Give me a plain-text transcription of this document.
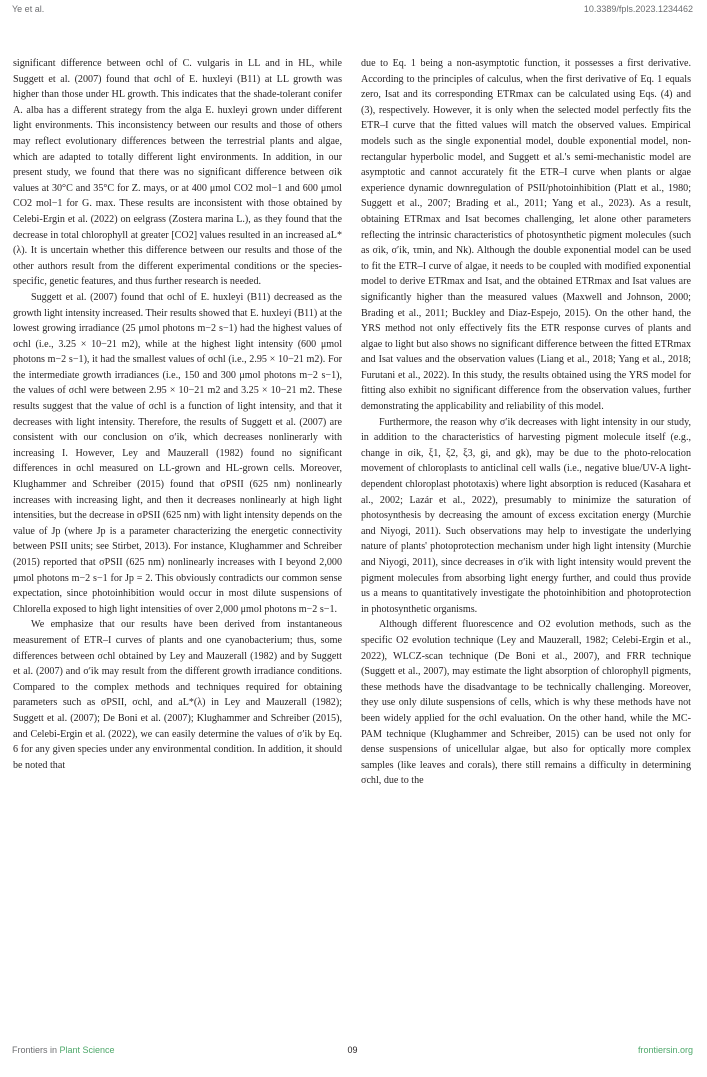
Ye et al.	10.3389/fpls.2023.1234462

significant difference between σchl of C. vulgaris in LL and in HL, while Suggett et al. (2007) found that σchl of E. huxleyi (B11) at LL growth was higher than those under HL growth. This indicates that the shade-tolerant conifer A. alba has a different strategy from the alga E. huxleyi grown under different light environments. This inconsistency between our results and those of others may reflect evolutionary differences between the terrestrial plants and algae, which are adapted to totally different light environments. In addition, in our present study, we found that there was no significant difference between σik values at 30°C and 35°C for Z. mays, or at 400 μmol CO2 mol−1 and 600 μmol CO2 mol−1 for G. max. These results are inconsistent with those obtained by Celebi-Ergin et al. (2022) on eelgrass (Zostera marina L.), as they found that the decrease in total chlorophyll at greater [CO2] values resulted in an increased aL*(λ). It is uncertain whether this difference between our results and those of the other authors result from the different experimental conditions or the species-specific, genetic features, and thus further research is needed.

Suggett et al. (2007) found that σchl of E. huxleyi (B11) decreased as the growth light intensity increased. Their results showed that E. huxleyi (B11) at the lowest growing irradiance (25 μmol photons m−2 s−1) had the highest values of σchl (i.e., 3.25 × 10−21 m2), while at the highest light intensity (600 μmol photons m−2 s−1), it had the smallest values of σchl (i.e., 2.95 × 10−21 m2). For the intermediate growth irradiances (i.e., 150 and 300 μmol photons m−2 s−1), the values of σchl were between 2.95 × 10−21 m2 and 3.25 × 10−21 m2. These results suggest that the value of σchl is a function of light intensity, and that it decreases with light intensity. Therefore, the results of Suggett et al. (2007) are consistent with our conclusion on σ′ik, which decreases nonlinerarly with increasing I. However, Ley and Mauzerall (1982) found no significant differences in σchl measured on LL-grown and HL-grown cells. Moreover, Klughammer and Schreiber (2015) found that σPSII (625 nm) nonlinearly increases with increasing light, and then it decreases nonlinearly at high light intensities, but the decrease in σPSII (625 nm) with light intensity depends on the value of Jp (where Jp is a parameter characterizing the energetic connectivity between PSII units; see Stirbet, 2013). For instance, Klughammer and Schreiber (2015) reported that σPSII (625 nm) nonlinearly increases with I beyond 2,000 μmol photons m−2 s−1 for Jp = 2. This obviously contradicts our common sense expectation, since photoinhibition would occur in most dilute suspensions of Chlorella exposed to high light intensities of over 2,000 μmol photons m−2 s−1.

We emphasize that our results have been derived from instantaneous measurement of ETR–I curves of plants and one cyanobacterium; thus, some differences between σchl obtained by Ley and Mauzerall (1982) and by Suggett et al. (2007) and σ′ik may result from the different growth irradiance conditions. Compared to the complex methods and techniques required for obtaining parameters such as σPSII, σchl, and aL*(λ) in Ley and Mauzerall (1982); Suggett et al. (2007); De Boni et al. (2007); Klughammer and Schreiber (2015), and Celebi-Ergin et al. (2022), we can easily determine the values of σ′ik by Eq. 6 for any given species under any environmental condition. In addition, it should be noted that

due to Eq. 1 being a non-asymptotic function, it possesses a first derivative. According to the principles of calculus, when the first derivative of Eq. 1 equals zero, Isat and its corresponding ETRmax can be calculated using Eqs. (4) and (3), respectively. However, it is only when the selected model perfectly fits the ETR–I curve that the fitted values will match the observed values. Empirical models such as the single exponential model, double exponential model, non-rectangular hyperbolic model, and Suggett et al.'s semi-mechanistic model are asymptotic and cannot accurately fit the ETR–I curve when plants or algae experience dynamic downregulation of PSII/photoinhibition (Platt et al., 1980; Suggett et al., 2007; Brading et al., 2011; Yang et al., 2023). As a result, obtaining ETRmax and Isat becomes challenging, let alone other parameters reflecting the intrinsic characteristics of photosynthetic pigment molecules (such as σik, σ′ik, τmin, and Nk). Although the double exponential model can be used to fit the ETR–I curve of algae, it needs to be coupled with modified exponential model to derive ETRmax and Isat, and the obtained ETRmax and Isat values are significantly higher than the measured values (Maxwell and Johnson, 2000; Brading et al., 2011; Buckley and Diaz-Espejo, 2015). On the other hand, the YRS method not only effectively fits the ETR response curves of plants and algae to light but also shows no significant difference between the fitted ETRmax and Isat values and the observation values (Liang et al., 2018; Yang et al., 2018; Furutani et al., 2022). In this study, the results obtained using the YRS model for fitting also exhibit no significant difference from the observation values, further demonstrating the applicability and reliability of this model.

Furthermore, the reason why σ′ik decreases with light intensity in our study, in addition to the characteristics of harvesting pigment molecule itself (e.g., change in σik, ξ1, ξ2, ξ3, gi, and gk), may be due to the photo-relocation movement of chloroplasts to anticlinal cell walls (i.e., negative blue/UV-A light-dependent chloroplast phototaxis) where light absorption is reduced (Kasahara et al., 2002; Lazár et al., 2022), presumably to minimize the saturation of photosynthesis by decreasing the amount of excess excitation energy (Murchie and Niyogi, 2011). Such observations may help to investigate the underlying nature of plants' photoprotection mechanism under high light intensity (Murchie and Niyogi, 2011), since decreases in σ′ik with light intensity would prevent the pigment molecules from absorbing light energy further, and could thus provide us a means to quantitatively investigate the photoinhibition and photoprotection in photosynthetic organisms.

Although different fluorescence and O2 evolution methods, such as the specific O2 evolution technique (Ley and Mauzerall, 1982; Celebi-Ergin et al., 2022), WLCZ-scan technique (De Boni et al., 2007), and FRR technique (Suggett et al., 2007), may estimate the light absorption of chlorophyll pigments, these methods have the disadvantage to be technically challenging. Moreover, they use only dilute suspensions of cells, which is why these methods have not been widely applied for the σchl evaluation. On the other hand, while the MC-PAM technique (Klughammer and Schreiber, 2015) can be used not only for dense suspensions of unicellular algae, but also for optically more complex samples (like leaves and corals), there still remains a difficulty in determining σchl, due to the

Frontiers in Plant Science	09	frontiersin.org
